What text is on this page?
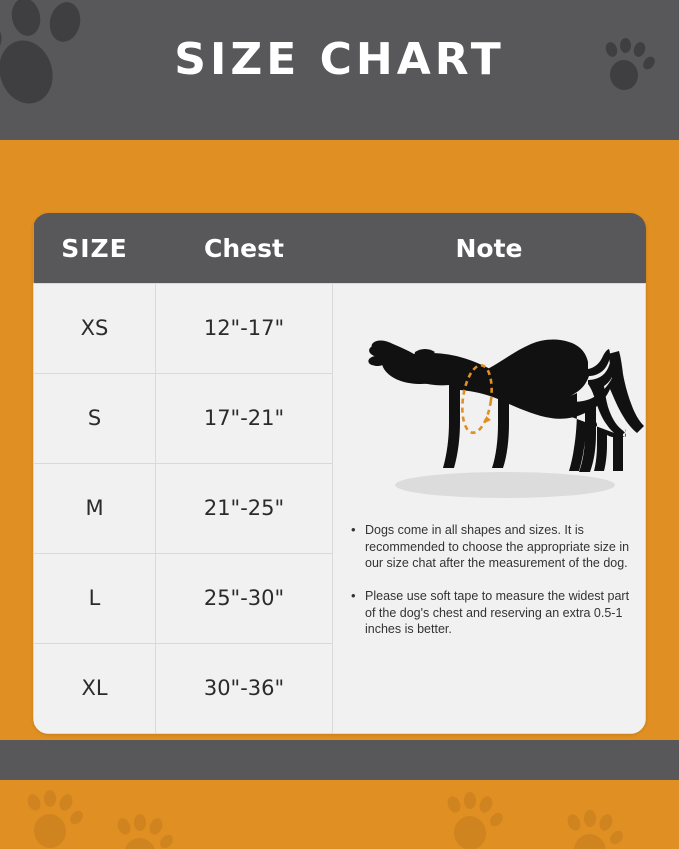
SIZE CHART
SIZE	Chest	Note
XS	12"-17"	
• Dogs come in all shapes and sizes. It is recommended to choose the appropriate size in our size chat after the measurement of the dog.
• Please use soft tape to measure the widest part of the dog's chest and reserving an extra 0.5-1 inches is better.

S	17"-21"	
M	21"-25"	
L	25"-30"	
XL	30"-36"	
